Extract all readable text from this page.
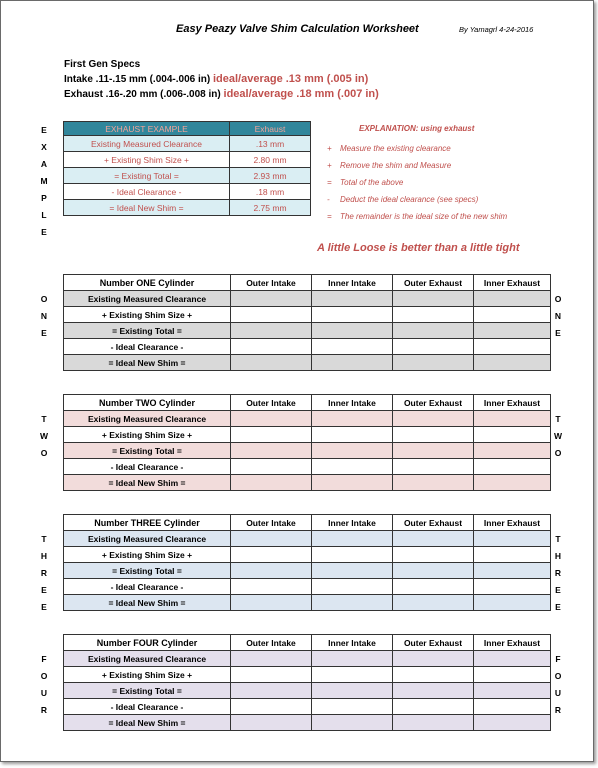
Easy Peazy Valve Shim Calculation Worksheet	By Yamagrl 4-24-2016
First Gen Specs
Intake .11-.15 mm (.004-.006 in) ideal/average .13 mm (.005 in)
Exhaust .16-.20 mm (.006-.008 in) ideal/average .18 mm (.007 in)
E
X
A
M
P
L
E
EXHAUST EXAMPLE	Exhaust
Existing Measured Clearance	.13 mm
+ Existing Shim Size +	2.80 mm
= Existing Total =	2.93 mm
- Ideal Clearance -	.18 mm
= Ideal New Shim =	2.75 mm
EXPLANATION: using exhaust
+ Measure the existing clearance
+ Remove the shim and Measure
= Total of the above
- Deduct the ideal clearance (see specs)
= The remainder is the ideal size of the new shim
A little Loose is better than a little tight
Number ONE Cylinder	Outer Intake	Inner Intake	Outer Exhaust	Inner Exhaust
Existing Measured Clearance				
+ Existing Shim Size +				
= Existing Total =				
- Ideal Clearance -				
= Ideal New Shim =				
O
N
E
O
N
E
Number TWO Cylinder	Outer Intake	Inner Intake	Outer Exhaust	Inner Exhaust
Existing Measured Clearance				
+ Existing Shim Size +				
= Existing Total =				
- Ideal Clearance -				
= Ideal New Shim =				
T
W
O
T
W
O
Number THREE Cylinder	Outer Intake	Inner Intake	Outer Exhaust	Inner Exhaust
Existing Measured Clearance				
+ Existing Shim Size +				
= Existing Total =				
- Ideal Clearance -				
= Ideal New Shim =				
T
H
R
E
E
T
H
R
E
E
Number FOUR Cylinder	Outer Intake	Inner Intake	Outer Exhaust	Inner Exhaust
Existing Measured Clearance				
+ Existing Shim Size +				
= Existing Total =				
- Ideal Clearance -				
= Ideal New Shim =				
F
O
U
R
F
O
U
R
